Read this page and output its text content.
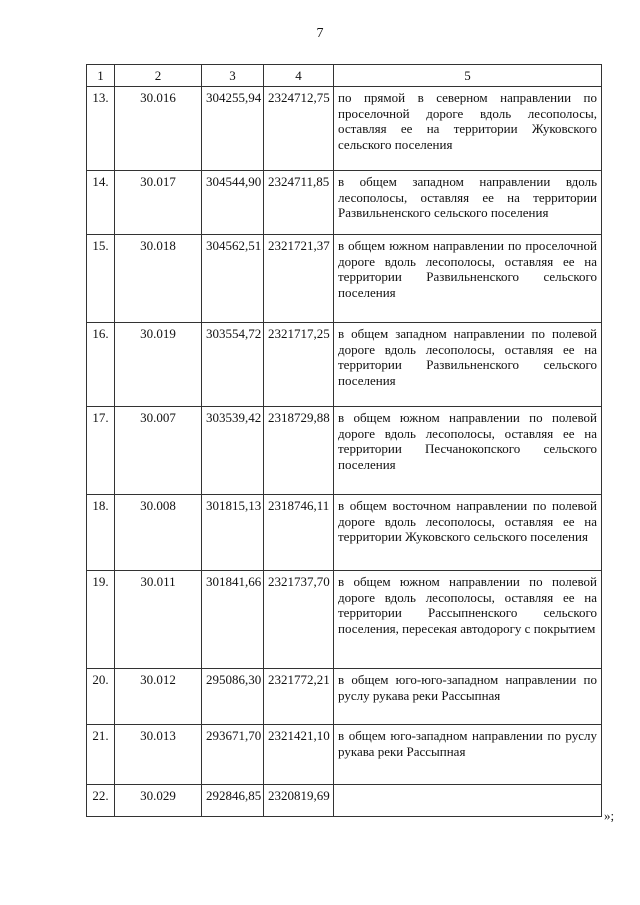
7
1	2	3	4	5
13.	30.016	304255,94	2324712,75	по прямой в северном направлении по проселочной дороге вдоль лесополосы, оставляя ее на территории Жуковского сельского поселения
14.	30.017	304544,90	2324711,85	в общем западном направлении вдоль лесополосы, оставляя ее на территории Развильненского сельского поселения
15.	30.018	304562,51	2321721,37	в общем южном направлении по проселочной дороге вдоль лесополосы, оставляя ее на территории Развильненского сельского поселения
16.	30.019	303554,72	2321717,25	в общем западном направлении по полевой дороге вдоль лесополосы, оставляя ее на территории Развильненского сельского поселения
17.	30.007	303539,42	2318729,88	в общем южном направлении по полевой дороге вдоль лесополосы, оставляя ее на территории Песчанокопского сельского поселения
18.	30.008	301815,13	2318746,11	в общем восточном направлении по полевой дороге вдоль лесополосы, оставляя ее на территории Жуковского сельского поселения
19.	30.011	301841,66	2321737,70	в общем южном направлении по полевой дороге вдоль лесополосы, оставляя ее на территории Рассыпненского сельского поселения, пересекая автодорогу с покрытием
20.	30.012	295086,30	2321772,21	в общем юго-юго-западном направлении по руслу рукава реки Рассыпная
21.	30.013	293671,70	2321421,10	в общем юго-западном направлении по руслу рукава реки Рассыпная
22.	30.029	292846,85	2320819,69	
»;
